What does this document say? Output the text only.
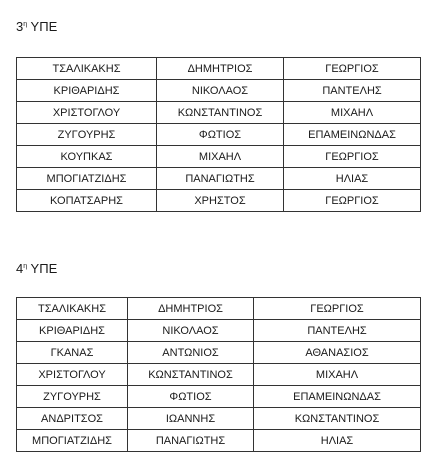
$3^\eta$ ΥΠΕ
ΤΣΑΛΙΚΑΚΗΣ	ΔΗΜΗΤΡΙΟΣ	ΓΕΩΡΓΙΟΣ
ΚΡΙΘΑΡΙΔΗΣ	ΝΙΚΟΛΑΟΣ	ΠΑΝΤΕΛΗΣ
ΧΡΙΣΤΟΓΛΟΥ	ΚΩΝΣΤΑΝΤΙΝΟΣ	ΜΙΧΑΗΛ
ΖΥΓΟΥΡΗΣ	ΦΩΤΙΟΣ	ΕΠΑΜΕΙΝΩΝΔΑΣ
ΚΟΥΠΚΑΣ	ΜΙΧΑΗΛ	ΓΕΩΡΓΙΟΣ
ΜΠΟΓΙΑΤΖΙΔΗΣ	ΠΑΝΑΓΙΩΤΗΣ	ΗΛΙΑΣ
ΚΟΠΑΤΣΑΡΗΣ	ΧΡΗΣΤΟΣ	ΓΕΩΡΓΙΟΣ
$4^\eta$ ΥΠΕ
ΤΣΑΛΙΚΑΚΗΣ	ΔΗΜΗΤΡΙΟΣ	ΓΕΩΡΓΙΟΣ
ΚΡΙΘΑΡΙΔΗΣ	ΝΙΚΟΛΑΟΣ	ΠΑΝΤΕΛΗΣ
ΓΚΑΝΑΣ	ΑΝΤΩΝΙΟΣ	ΑΘΑΝΑΣΙΟΣ
ΧΡΙΣΤΟΓΛΟΥ	ΚΩΝΣΤΑΝΤΙΝΟΣ	ΜΙΧΑΗΛ
ΖΥΓΟΥΡΗΣ	ΦΩΤΙΟΣ	ΕΠΑΜΕΙΝΩΝΔΑΣ
ΑΝΔΡΙΤΣΟΣ	ΙΩΑΝΝΗΣ	ΚΩΝΣΤΑΝΤΙΝΟΣ
ΜΠΟΓΙΑΤΖΙΔΗΣ	ΠΑΝΑΓΙΩΤΗΣ	ΗΛΙΑΣ
